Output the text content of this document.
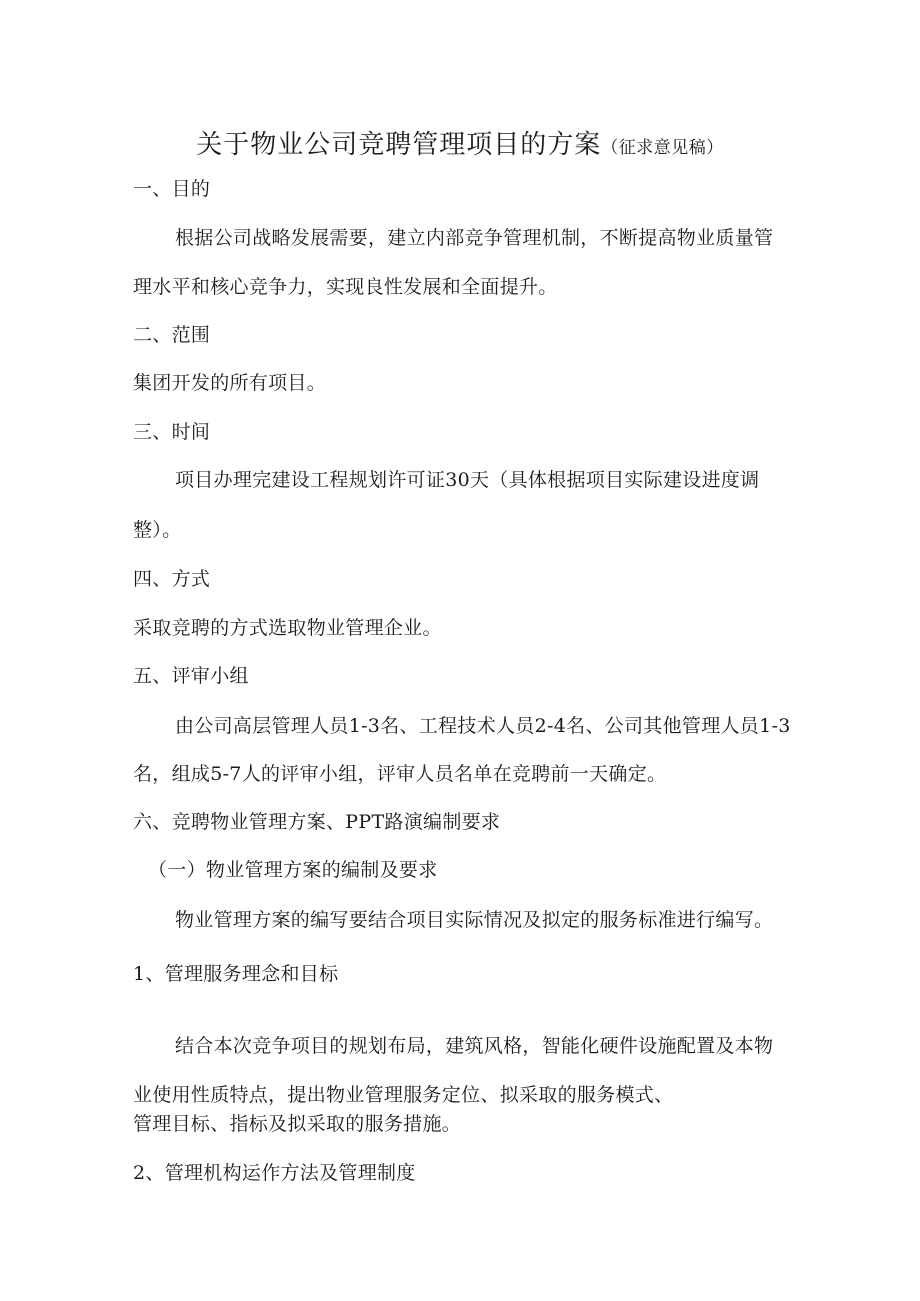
关于物业公司竞聘管理项目的方案（征求意见稿）
一、目的
根据公司战略发展需要，建立内部竞争管理机制，不断提高物业质量管
理水平和核心竞争力，实现良性发展和全面提升。
二、范围
集团开发的所有项目。
三、时间
项目办理完建设工程规划许可证30天（具体根据项目实际建设进度调
整）。
四、方式
采取竞聘的方式选取物业管理企业。
五、评审小组
由公司高层管理人员1-3名、工程技术人员2-4名、公司其他管理人员1-3
名，组成5-7人的评审小组，评审人员名单在竞聘前一天确定。
六、竞聘物业管理方案、PPT路演编制要求
（一）物业管理方案的编制及要求
物业管理方案的编写要结合项目实际情况及拟定的服务标准进行编写。
1、管理服务理念和目标
结合本次竞争项目的规划布局，建筑风格，智能化硬件设施配置及本物
业使用性质特点，提出物业管理服务定位、拟采取的服务模式、
管理目标、指标及拟采取的服务措施。
2、管理机构运作方法及管理制度
